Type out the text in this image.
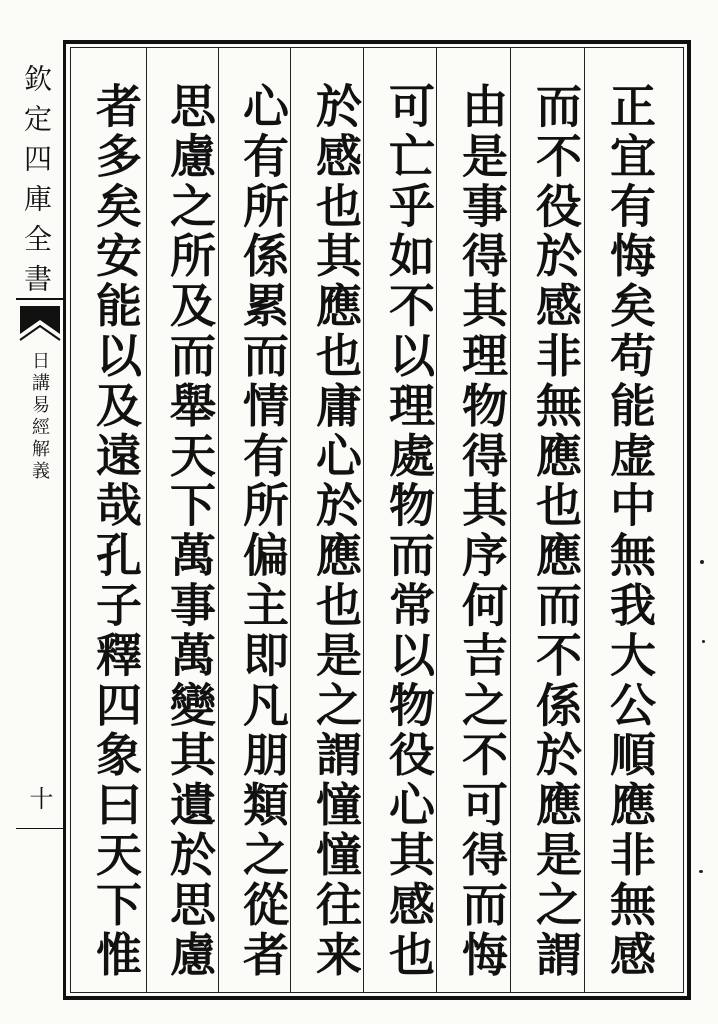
欽定四庫全書
日講易經解義
十
正宜有悔矣苟能虚中無我大公順應非無感
而不役於感非無應也應而不係於應是之謂
由是事得其理物得其序何吉之不可得而悔
可亡乎如不以理處物而常以物役心其感也
於感也其應也庸心於應也是之謂憧憧往来
心有所係累而情有所偏主即凡朋類之從者
思慮之所及而舉天下萬事萬變其遺於思慮
者多矣安能以及遠哉孔子釋四象曰天下惟
